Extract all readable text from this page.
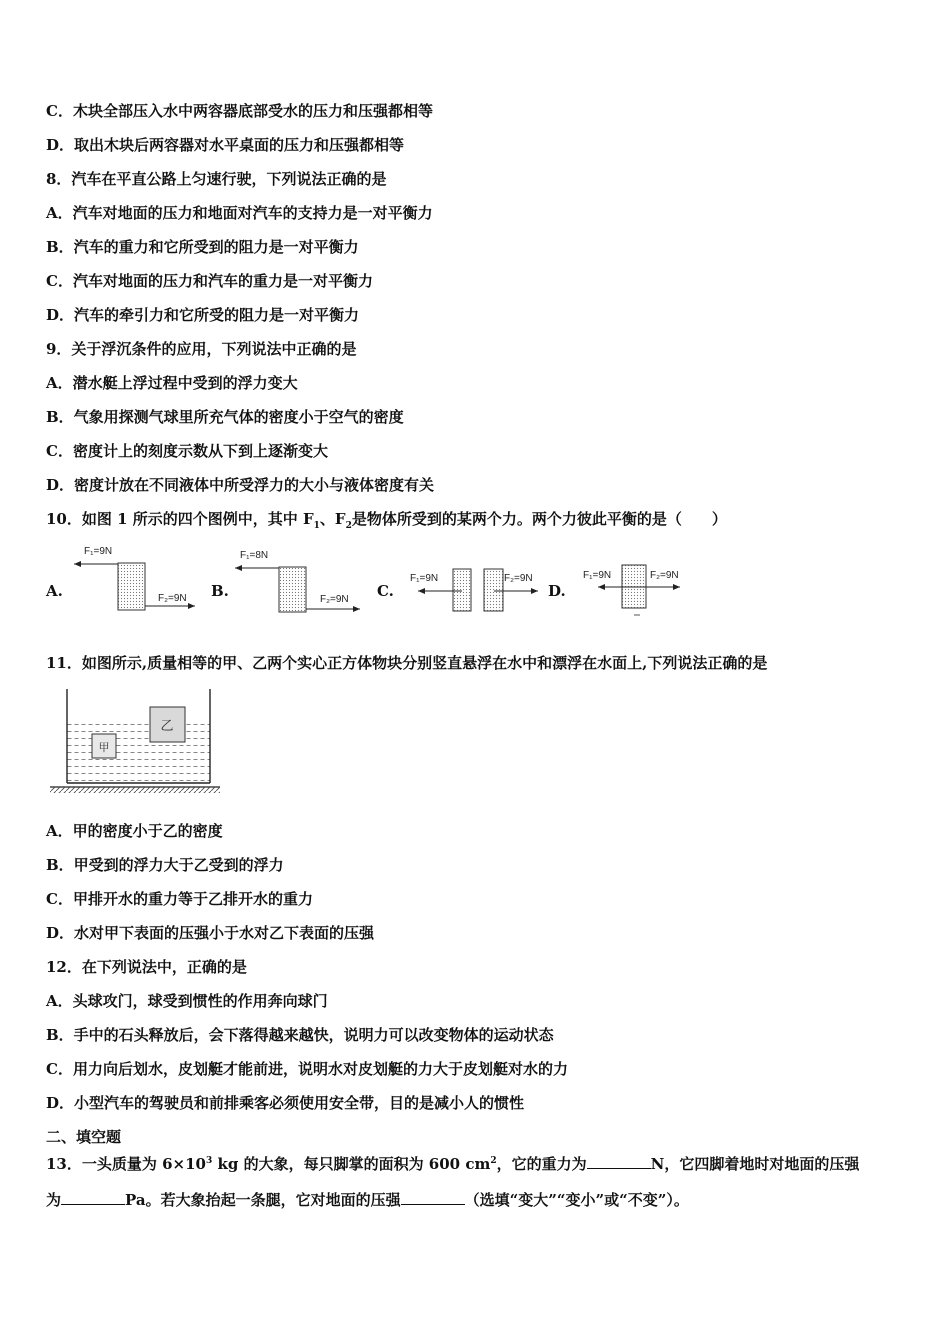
C．木块全部压入水中两容器底部受水的压力和压强都相等
D．取出木块后两容器对水平桌面的压力和压强都相等
8．汽车在平直公路上匀速行驶，下列说法正确的是
A．汽车对地面的压力和地面对汽车的支持力是一对平衡力
B．汽车的重力和它所受到的阻力是一对平衡力
C．汽车对地面的压力和汽车的重力是一对平衡力
D．汽车的牵引力和它所受的阻力是一对平衡力
9．关于浮沉条件的应用，下列说法中正确的是
A．潜水艇上浮过程中受到的浮力变大
B．气象用探测气球里所充气体的密度小于空气的密度
C．密度计上的刻度示数从下到上逐渐变大
D．密度计放在不同液体中所受浮力的大小与液体密度有关
10．如图 1 所示的四个图例中，其中 $F_1$、$F_2$是物体所受到的某两个力。两个力彼此平衡的是（　　）
A.	B.	C.	D.
F₁=9N
F₂=9N
F₁=8N
F₂=9N
F₁=9N	F₂=9N	F₁=9N	F₂=9N
11．如图所示,质量相等的甲、乙两个实心正方体物块分别竖直悬浮在水中和漂浮在水面上,下列说法正确的是
甲
乙
A．甲的密度小于乙的密度
B．甲受到的浮力大于乙受到的浮力
C．甲排开水的重力等于乙排开水的重力
D．水对甲下表面的压强小于水对乙下表面的压强
12．在下列说法中，正确的是
A．头球攻门，球受到惯性的作用奔向球门
B．手中的石头释放后，会下落得越来越快，说明力可以改变物体的运动状态
C．用力向后划水，皮划艇才能前进，说明水对皮划艇的力大于皮划艇对水的力
D．小型汽车的驾驶员和前排乘客必须使用安全带，目的是减小人的惯性
二、填空题
13．一头质量为 $6\times 10^3$ kg 的大象，每只脚掌的面积为 600 $cm^2$，它的重力为	N，它四脚着地时对地面的压强
为	Pa。若大象抬起一条腿，它对地面的压强	（选填“变大”“变小”或“不变”）。
